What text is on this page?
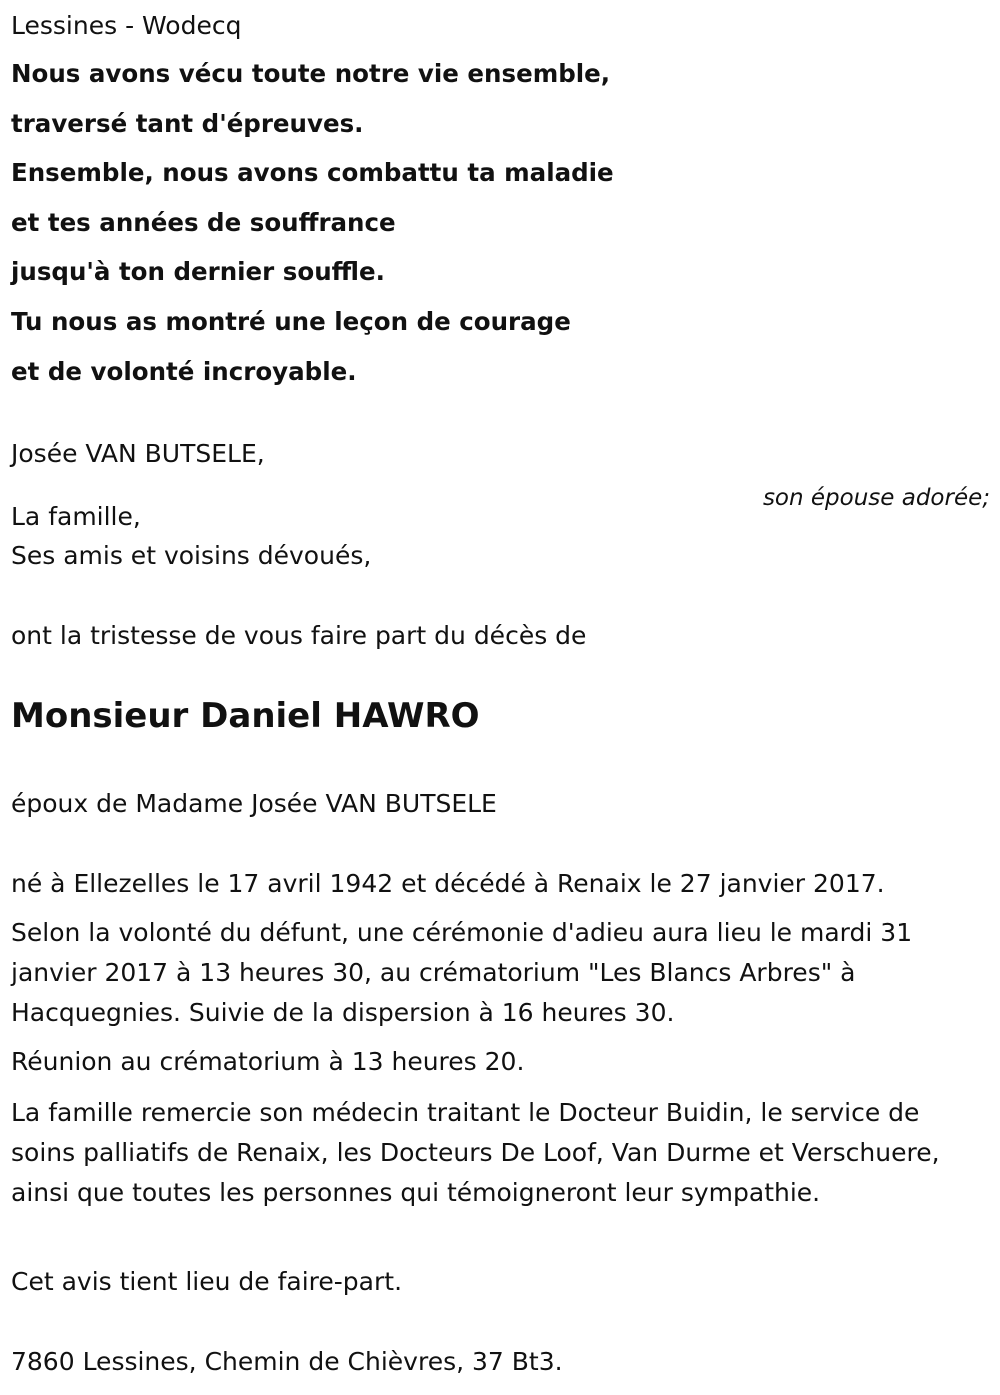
Lessines - Wodecq

Nous avons vécu toute notre vie ensemble,

traversé tant d'épreuves.

Ensemble, nous avons combattu ta maladie

et tes années de souffrance

jusqu'à ton dernier souffle.

Tu nous as montré une leçon de courage

et de volonté incroyable.

Josée VAN BUTSELE,

son épouse adorée;

La famille,

Ses amis et voisins dévoués,

ont la tristesse de vous faire part du décès de

Monsieur Daniel HAWRO

époux de Madame Josée VAN BUTSELE

né à Ellezelles le 17 avril 1942 et décédé à Renaix le 27 janvier 2017.

Selon la volonté du défunt, une cérémonie d'adieu aura lieu le mardi 31 janvier 2017 à 13 heures 30, au crématorium "Les Blancs Arbres" à Hacquegnies. Suivie de la dispersion à 16 heures 30.

Réunion au crématorium à 13 heures 20.

La famille remercie son médecin traitant le Docteur Buidin, le service de soins palliatifs de Renaix, les Docteurs De Loof, Van Durme et Verschuere, ainsi que toutes les personnes qui témoigneront leur sympathie.

Cet avis tient lieu de faire-part.

7860 Lessines, Chemin de Chièvres, 37 Bt3.
